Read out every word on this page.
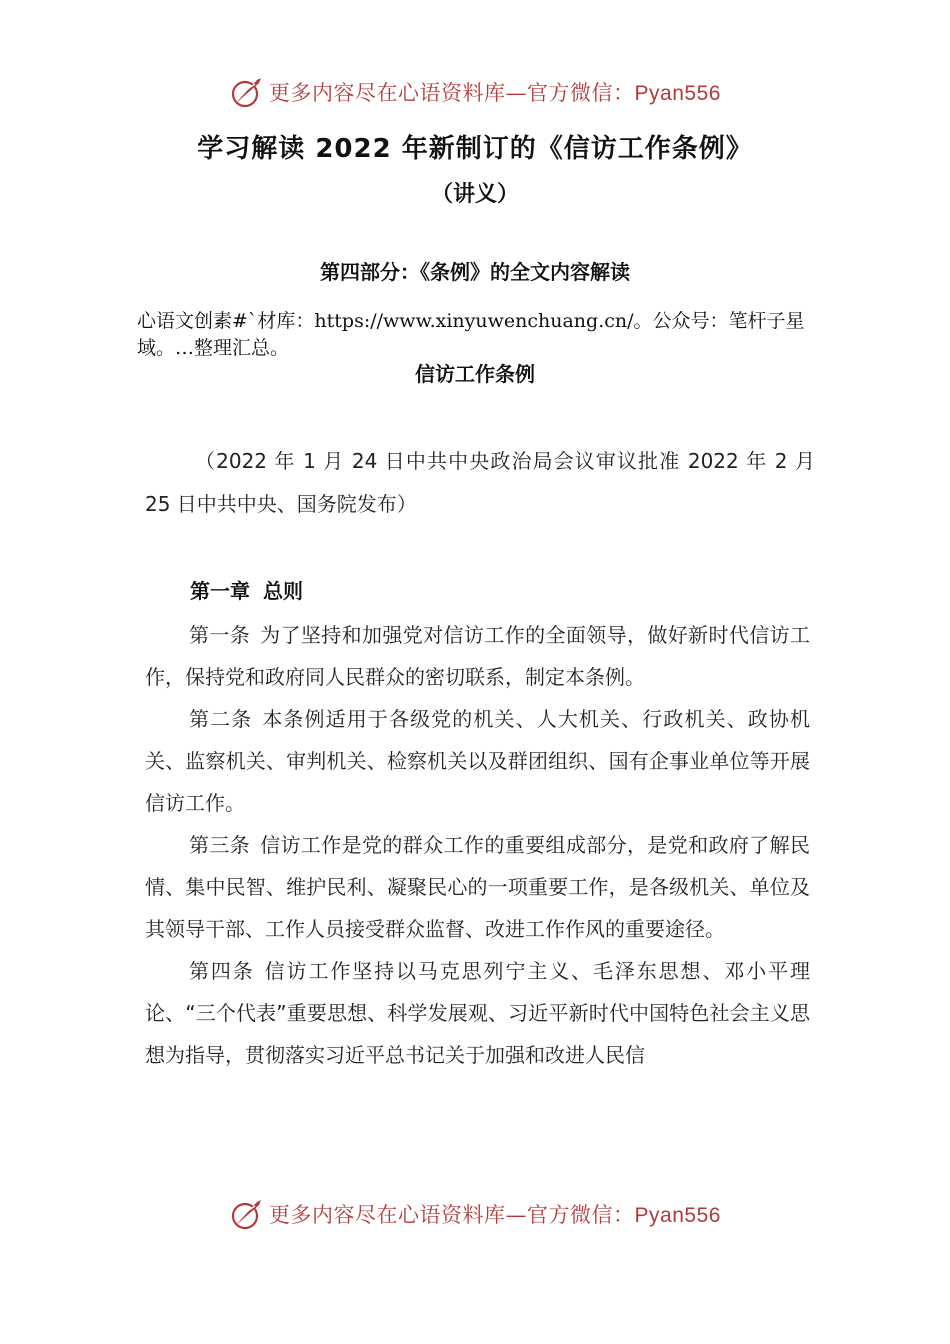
更多内容尽在心语资料库—官方微信：Pyan556
学习解读 2022 年新制订的《信访工作条例》
（讲义）
第四部分：《条例》的全文内容解读
心语文创素#`材库：https://www.xinyuwenchuang.cn/。公众号：笔杆子星域。…整理汇总。
信访工作条例
（2022 年 1 月 24 日中共中央政治局会议审议批准 2022 年 2 月 25 日中共中央、国务院发布）
第一章 总则

第一条 为了坚持和加强党对信访工作的全面领导，做好新时代信访工作，保持党和政府同人民群众的密切联系，制定本条例。

第二条 本条例适用于各级党的机关、人大机关、行政机关、政协机关、监察机关、审判机关、检察机关以及群团组织、国有企事业单位等开展信访工作。

第三条 信访工作是党的群众工作的重要组成部分，是党和政府了解民情、集中民智、维护民利、凝聚民心的一项重要工作，是各级机关、单位及其领导干部、工作人员接受群众监督、改进工作作风的重要途径。

第四条 信访工作坚持以马克思列宁主义、毛泽东思想、邓小平理论、“三个代表”重要思想、科学发展观、习近平新时代中国特色社会主义思想为指导，贯彻落实习近平总书记关于加强和改进人民信

更多内容尽在心语资料库—官方微信：Pyan556
